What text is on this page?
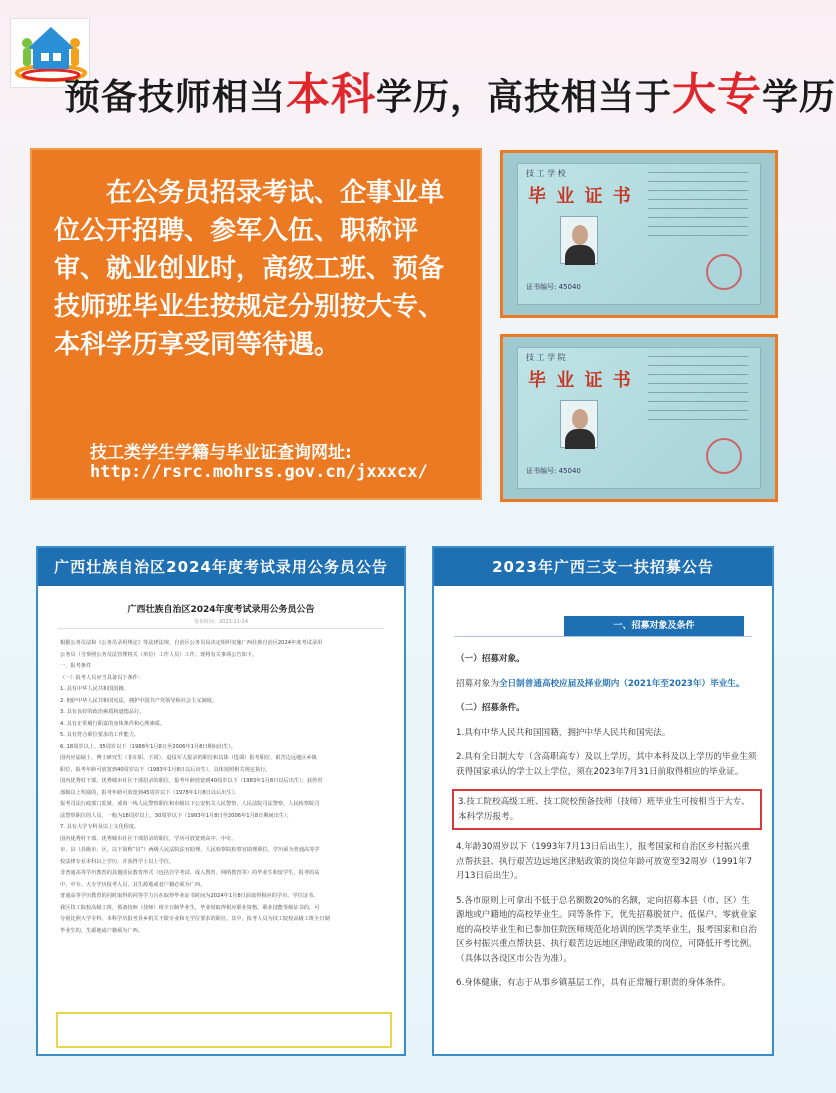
预备技师相当本科学历，高技相当于大专学历
在公务员招录考试、企事业单位公开招聘、参军入伍、职称评审、就业创业时，高级工班、预备技师班毕业生按规定分别按大专、本科学历享受同等待遇。
技工类学生学籍与毕业证查询网址:
http://rsrc.mohrss.gov.cn/jxxxcx/
技 工 学 校
毕 业 证 书
证书编号: 45040
技 工 学 院
毕 业 证 书
证书编号: 45040
广西壮族自治区2024年度考试录用公务员公告
广西壮族自治区2024年度考试录用公务员公告
发布时间：2023-11-14

根据公务员法和《公务员录用规定》等法律法规，自治区公务员局决定组织实施广西壮族自治区2024年度考试录用

公务员（含参照公务员法管理机关（单位）工作人员）工作。现将有关事项公告如下。

一、报考条件

（一）报考人员应当具备以下条件：

1. 具有中华人民共和国国籍。

2. 拥护中华人民共和国宪法，拥护中国共产党领导和社会主义制度。

3. 具有良好的政治素质和道德品行。

4. 具有正常履行职责的身体条件和心理素质。

5. 具有符合职位要求的工作能力。

6. 18周岁以上、35周岁以下（1988年1月8日至2006年1月8日期间出生）。

国内应届硕士、博士研究生（非在职、下同），退役军人报录的职位和具体（选调）报考职位，艰苦边远地区乡镇

职位，报考年龄可放宽到40周岁以下（1983年1月8日以后出生），具体按照相关规定执行。

国内优秀村干部、优秀城市社区干部招录的职位，报考年龄放宽到40周岁以下（1983年1月8日以后出生）；获得省

部级以上奖励的，报考年龄可放宽到45周岁以下（1978年1月8日以后出生）。

报考司法行政部门监狱、戒毒一线人民警察职位和市级以下公安机关人民警察、人民法院司法警察、人民检察院司

法警察职位的人员，一般为18周岁以上、30周岁以下（1993年1月8日至2006年1月8日期间出生）；

7. 具有大学专科及以上文化程度。

国内优秀村干部、优秀城市社区干部招录的职位，学历可放宽到高中、中专。

市、县（县级市、区，以下简称“县”）两级人民法院法官助理、人民检察院检察官助理职位，学历须为普通高等学

校法律专业本科以上学历，并获得学士以上学位。

非普通高等学历教育的其他国民教育形式（包括自学考试、成人教育、网络教育等）的毕业生和留学生，报考的高

中、中专、大专学历报考人员，其生源地或者户籍必须为广西。

普通高等学历教育的同时取得的同等学力且在取得毕业证书时间为2024年1月8日前取得相应的学历、学位证书。

我区技工院校高级工班、预备技师（技师）班全日制毕业生，毕业时取得相应职业资格、职业技能等级证书的，可

分别比照大学专科、本科学历报考县乡机关不限专业和无学位要求的职位。其中，报考人员为技工院校高级工班全日制

毕业生的，生源地或户籍须为广西。

2023年广西三支一扶招募公告
一、招募对象及条件
（一）招募对象。
招募对象为全日制普通高校应届及择业期内（2021年至2023年）毕业生。
（二）招募条件。
1.具有中华人民共和国国籍，拥护中华人民共和国宪法。
2.具有全日制大专（含高职高专）及以上学历，其中本科及以上学历的毕业生须获得国家承认的学士以上学位，须在2023年7月31日前取得相应的毕业证。
3.技工院校高级工班、技工院校预备技师（技师）班毕业生可按相当于大专、本科学历报考。
4.年龄30周岁以下（1993年7月13日后出生），报考国家和自治区乡村振兴重点帮扶县、执行艰苦边远地区津贴政策的岗位年龄可放宽至32周岁（1991年7月13日后出生）。
5.各市原则上可拿出不低于总名额数20%的名额，定向招募本县（市、区）生源地或户籍地的高校毕业生。同等条件下，优先招募脱贫户、低保户、零就业家庭的高校毕业生和已参加住院医师规范化培训的医学类毕业生，报考国家和自治区乡村振兴重点帮扶县、执行艰苦边远地区津贴政策的岗位，可降低开考比例。（具体以各设区市公告为准）。
6.身体健康，有志于从事乡镇基层工作，具有正常履行职责的身体条件。
